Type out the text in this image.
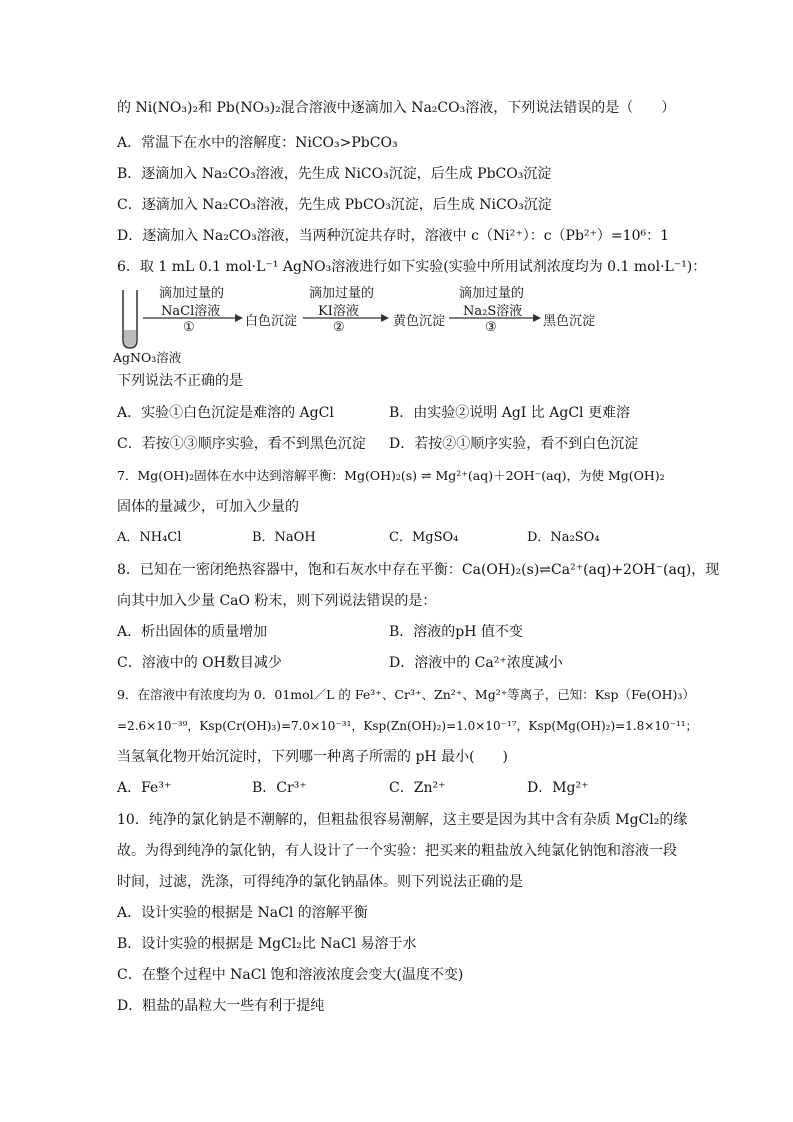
的 Ni(NO₃)₂和 Pb(NO₃)₂混合溶液中逐滴加入 Na₂CO₃溶液，下列说法错误的是（　　）
A．常温下在水中的溶解度：NiCO₃>PbCO₃
B．逐滴加入 Na₂CO₃溶液，先生成 NiCO₃沉淀，后生成 PbCO₃沉淀
C．逐滴加入 Na₂CO₃溶液，先生成 PbCO₃沉淀，后生成 NiCO₃沉淀
D．逐滴加入 Na₂CO₃溶液，当两种沉淀共存时，溶液中 c（Ni²⁺）：c（Pb²⁺）=10⁶：1
6．取 1 mL 0.1 mol·L⁻¹ AgNO₃溶液进行如下实验(实验中所用试剂浓度均为 0.1 mol·L⁻¹)：
滴加过量的
NaCl溶液
①	白色沉淀
滴加过量的
KI溶液
②	黄色沉淀
滴加过量的
Na₂S溶液
③	黑色沉淀
AgNO₃溶液
下列说法不正确的是
A．实验①白色沉淀是难溶的 AgCl	B．由实验②说明 AgI 比 AgCl 更难溶
C．若按①③顺序实验，看不到黑色沉淀 D．若按②①顺序实验，看不到白色沉淀
7．Mg(OH)₂固体在水中达到溶解平衡：Mg(OH)₂(s) ⇌ Mg²⁺(aq)＋2OH⁻(aq)，为使 Mg(OH)₂
固体的量减少，可加入少量的
A．NH₄Cl	B．NaOH	C．MgSO₄	D．Na₂SO₄
8．已知在一密闭绝热容器中，饱和石灰水中存在平衡：Ca(OH)₂(s)⇌Ca²⁺(aq)+2OH⁻(aq)，现
向其中加入少量 CaO 粉末，则下列说法错误的是：
A．析出固体的质量增加	B．溶液的pH 值不变
C．溶液中的 OH数目减少	D．溶液中的 Ca²⁺浓度减小
9．在溶液中有浓度均为 0．01mol／L 的 Fe³⁺、Cr³⁺、Zn²⁺、Mg²⁺等离子，已知：Ksp（Fe(OH)₃）
=2.6×10⁻³⁹，Ksp(Cr(OH)₃)=7.0×10⁻³¹，Ksp(Zn(OH)₂)=1.0×10⁻¹⁷，Ksp(Mg(OH)₂)=1.8×10⁻¹¹；
当氢氧化物开始沉淀时，下列哪一种离子所需的 pH 最小(　　)
A．Fe³⁺	B．Cr³⁺	C．Zn²⁺	D．Mg²⁺
10．纯净的氯化钠是不潮解的，但粗盐很容易潮解，这主要是因为其中含有杂质 MgCl₂的缘
故。为得到纯净的氯化钠，有人设计了一个实验：把买来的粗盐放入纯氯化钠饱和溶液一段
时间，过滤，洗涤，可得纯净的氯化钠晶体。则下列说法正确的是
A．设计实验的根据是 NaCl 的溶解平衡
B．设计实验的根据是 MgCl₂比 NaCl 易溶于水
C．在整个过程中 NaCl 饱和溶液浓度会变大(温度不变)
D．粗盐的晶粒大一些有利于提纯
